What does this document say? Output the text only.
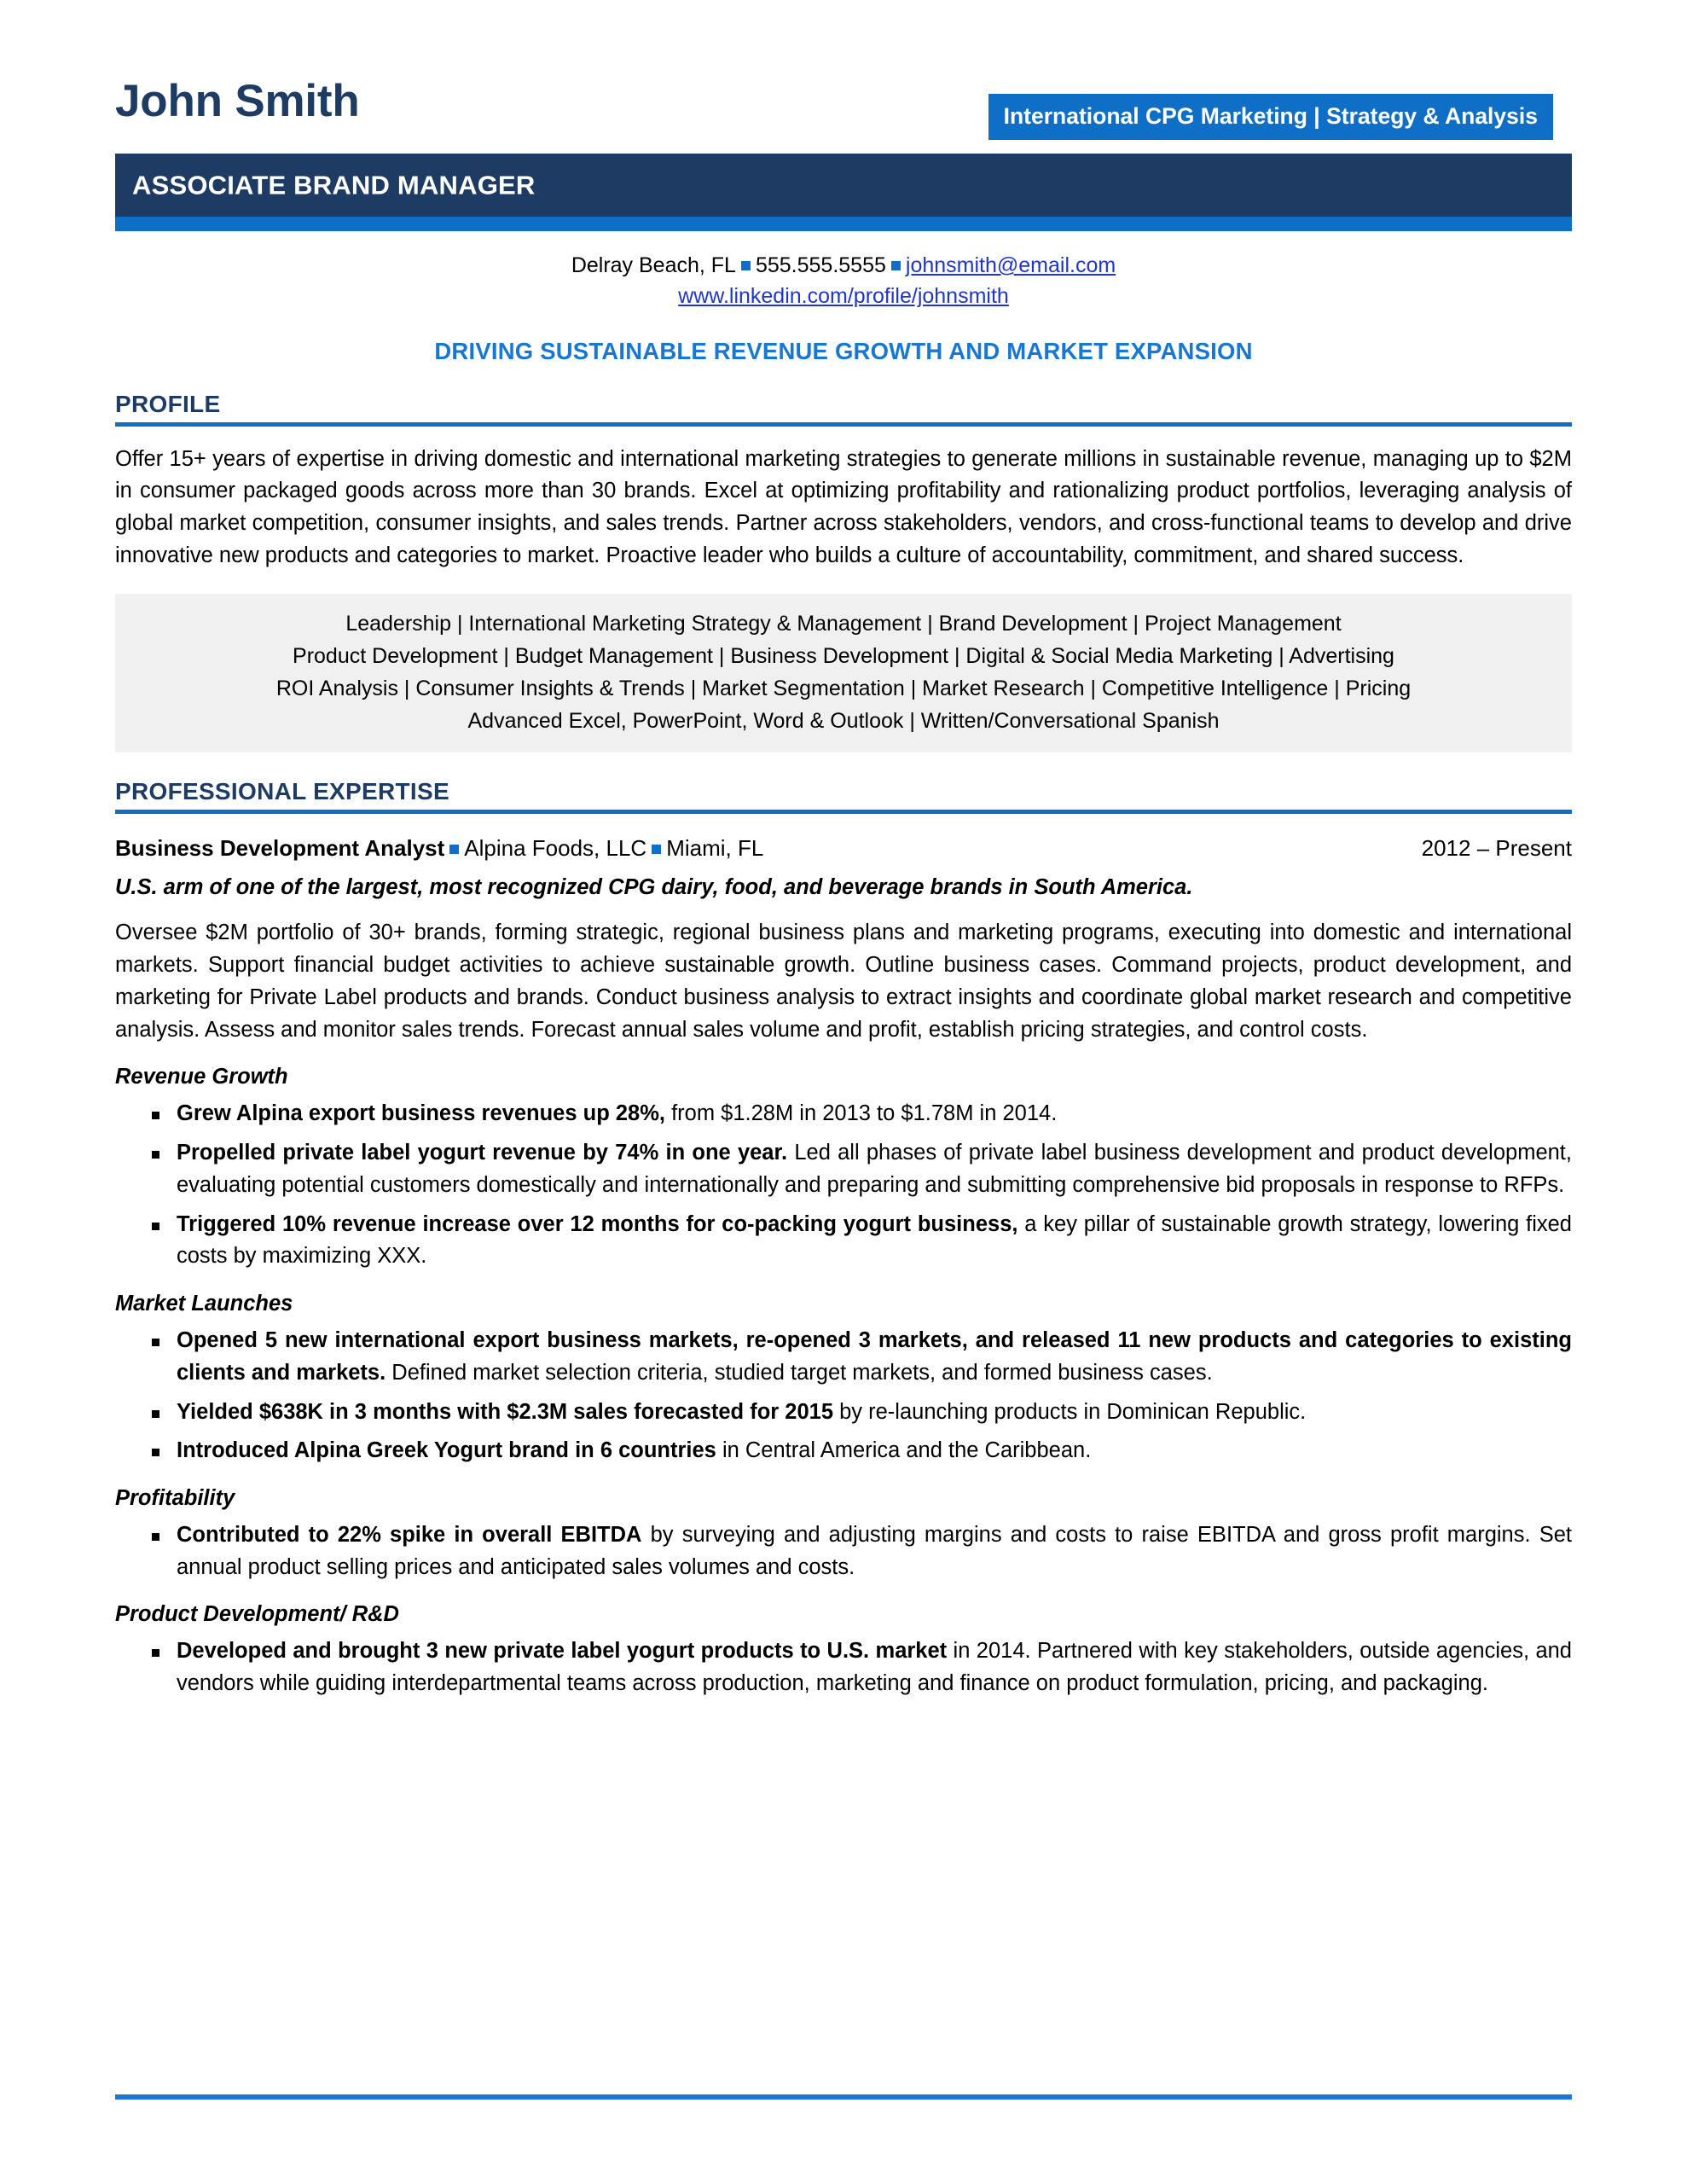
John Smith	International CPG Marketing | Strategy & Analysis
ASSOCIATE BRAND MANAGER
Delray Beach, FL 555.555.5555 johnsmith@email.com
www.linkedin.com/profile/johnsmith
DRIVING SUSTAINABLE REVENUE GROWTH AND MARKET EXPANSION
PROFILE

Offer 15+ years of expertise in driving domestic and international marketing strategies to generate millions in sustainable revenue, managing up to $2M in consumer packaged goods across more than 30 brands. Excel at optimizing profitability and rationalizing product portfolios, leveraging analysis of global market competition, consumer insights, and sales trends. Partner across stakeholders, vendors, and cross-functional teams to develop and drive innovative new products and categories to market. Proactive leader who builds a culture of accountability, commitment, and shared success.

Leadership | International Marketing Strategy & Management | Brand Development | Project Management
Product Development | Budget Management | Business Development | Digital & Social Media Marketing | Advertising
ROI Analysis | Consumer Insights & Trends | Market Segmentation | Market Research | Competitive Intelligence | Pricing
Advanced Excel, PowerPoint, Word & Outlook | Written/Conversational Spanish
PROFESSIONAL EXPERTISE
Business Development Analyst Alpina Foods, LLC Miami, FL	2012 – Present
U.S. arm of one of the largest, most recognized CPG dairy, food, and beverage brands in South America.

Oversee $2M portfolio of 30+ brands, forming strategic, regional business plans and marketing programs, executing into domestic and international markets. Support financial budget activities to achieve sustainable growth. Outline business cases. Command projects, product development, and marketing for Private Label products and brands. Conduct business analysis to extract insights and coordinate global market research and competitive analysis. Assess and monitor sales trends. Forecast annual sales volume and profit, establish pricing strategies, and control costs.

Revenue Growth
Grew Alpina export business revenues up 28%, from $1.28M in 2013 to $1.78M in 2014.
Propelled private label yogurt revenue by 74% in one year. Led all phases of private label business development and product development, evaluating potential customers domestically and internationally and preparing and submitting comprehensive bid proposals in response to RFPs.
Triggered 10% revenue increase over 12 months for co-packing yogurt business, a key pillar of sustainable growth strategy, lowering fixed costs by maximizing XXX.
Market Launches
Opened 5 new international export business markets, re-opened 3 markets, and released 11 new products and categories to existing clients and markets. Defined market selection criteria, studied target markets, and formed business cases.
Yielded $638K in 3 months with $2.3M sales forecasted for 2015 by re-launching products in Dominican Republic.
Introduced Alpina Greek Yogurt brand in 6 countries in Central America and the Caribbean.
Profitability
Contributed to 22% spike in overall EBITDA by surveying and adjusting margins and costs to raise EBITDA and gross profit margins. Set annual product selling prices and anticipated sales volumes and costs.
Product Development/ R&D
Developed and brought 3 new private label yogurt products to U.S. market in 2014. Partnered with key stakeholders, outside agencies, and vendors while guiding interdepartmental teams across production, marketing and finance on product formulation, pricing, and packaging.
